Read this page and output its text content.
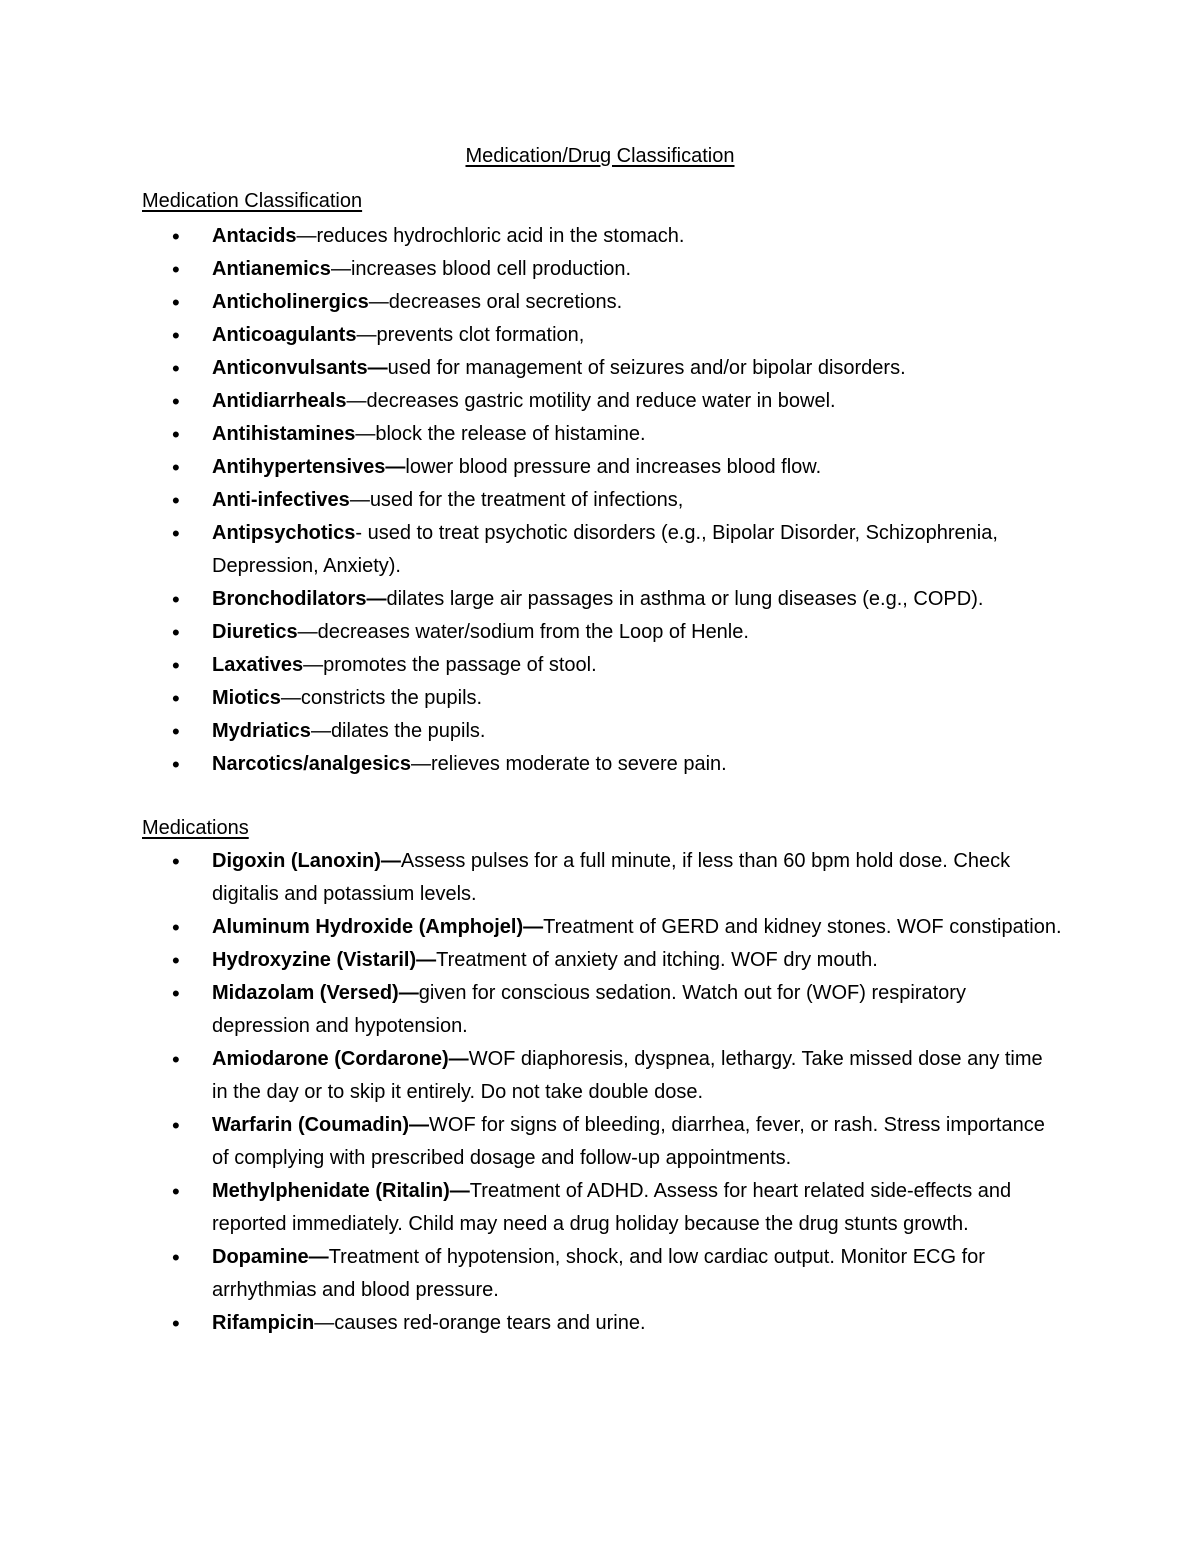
Medication/Drug Classification
Medication Classification
• Antacids—reduces hydrochloric acid in the stomach.
• Antianemics—increases blood cell production.
• Anticholinergics—decreases oral secretions.
• Anticoagulants—prevents clot formation,
• Anticonvulsants—used for management of seizures and/or bipolar disorders.
• Antidiarrheals—decreases gastric motility and reduce water in bowel.
• Antihistamines—block the release of histamine.
• Antihypertensives—lower blood pressure and increases blood flow.
• Anti-infectives—used for the treatment of infections,
• Antipsychotics- used to treat psychotic disorders (e.g., Bipolar Disorder, Schizophrenia, Depression, Anxiety).
• Bronchodilators—dilates large air passages in asthma or lung diseases (e.g., COPD).
• Diuretics—decreases water/sodium from the Loop of Henle.
• Laxatives—promotes the passage of stool.
• Miotics—constricts the pupils.
• Mydriatics—dilates the pupils.
• Narcotics/analgesics—relieves moderate to severe pain.
Medications
• Digoxin (Lanoxin)—Assess pulses for a full minute, if less than 60 bpm hold dose. Check digitalis and potassium levels.
• Aluminum Hydroxide (Amphojel)—Treatment of GERD and kidney stones. WOF constipation.
• Hydroxyzine (Vistaril)—Treatment of anxiety and itching. WOF dry mouth.
• Midazolam (Versed)—given for conscious sedation. Watch out for (WOF) respiratory depression and hypotension.
• Amiodarone (Cordarone)—WOF diaphoresis, dyspnea, lethargy. Take missed dose any time in the day or to skip it entirely. Do not take double dose.
• Warfarin (Coumadin)—WOF for signs of bleeding, diarrhea, fever, or rash. Stress importance of complying with prescribed dosage and follow-up appointments.
• Methylphenidate (Ritalin)—Treatment of ADHD. Assess for heart related side-effects and reported immediately. Child may need a drug holiday because the drug stunts growth.
• Dopamine—Treatment of hypotension, shock, and low cardiac output. Monitor ECG for arrhythmias and blood pressure.
• Rifampicin—causes red-orange tears and urine.
